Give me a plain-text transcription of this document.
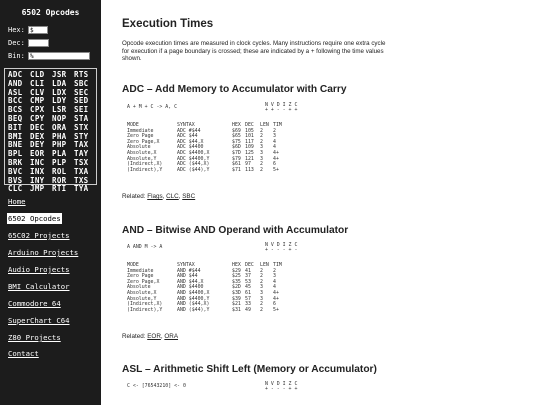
6502 Opcodes
Hex: $
Dec:
Bin: %
ADC	CLD	JSR	RTS
AND	CLI	LDA	SBC
ASL	CLV	LDX	SEC
BCC	CMP	LDY	SED
BCS	CPX	LSR	SEI
BEQ	CPY	NOP	STA
BIT	DEC	ORA	STX
BMI	DEX	PHA	STY
BNE	DEY	PHP	TAX
BPL	EOR	PLA	TAY
BRK	INC	PLP	TSX
BVC	INX	ROL	TXA
BVS	INY	ROR	TXS
CLC	JMP	RTI	TYA
Home
6502 Opcodes
65C02 Projects
Arduino Projects
Audio Projects
BMI Calculator
Commodore 64
SuperChart C64
Z80 Projects
Contact
Execution Times
Opcode execution times are measured in clock cycles. Many instructions require one extra cycle for execution if a page boundary is crossed; these are indicated by a + following the time values shown.
ADC – Add Memory to Accumulator with Carry
A + M + C -> A, C	N V D I Z C
+ + - - + +
MODE	SYNTAX	HEX DEC	LEN TIM
Immediate	ADC #$44	$69 105	2	2
Zero Page	ADC $44	$65 101	2	3
Zero Page,X	ADC $44,X	$75 117	2	4
Absolute	ADC $4400	$6D 109	3	4
Absolute,X	ADC $4400,X	$7D 125	3	4+
Absolute,Y	ADC $4400,Y	$79 121	3	4+
(Indirect,X)	ADC ($44,X)	$61 97	2	6
(Indirect),Y	ADC ($44),Y	$71 113	2	5+
Related: Flags, CLC, SBC
AND – Bitwise AND Operand with Accumulator
A AND M -> A	N V D I Z C
+ - - - + -
MODE	SYNTAX	HEX DEC	LEN TIM
Immediate	AND #$44	$29 41	2	2
Zero Page	AND $44	$25 37	2	3
Zero Page,X	AND $44,X	$35 53	2	4
Absolute	AND $4400	$2D 45	3	4
Absolute,X	AND $4400,X	$3D 61	3	4+
Absolute,Y	AND $4400,Y	$39 57	3	4+
(Indirect,X)	AND ($44,X)	$21 33	2	6
(Indirect),Y	AND ($44),Y	$31 49	2	5+
Related: EOR, ORA
ASL – Arithmetic Shift Left (Memory or Accumulator)
C <- [76543210] <- 0	N V D I Z C
+ - - - + +
